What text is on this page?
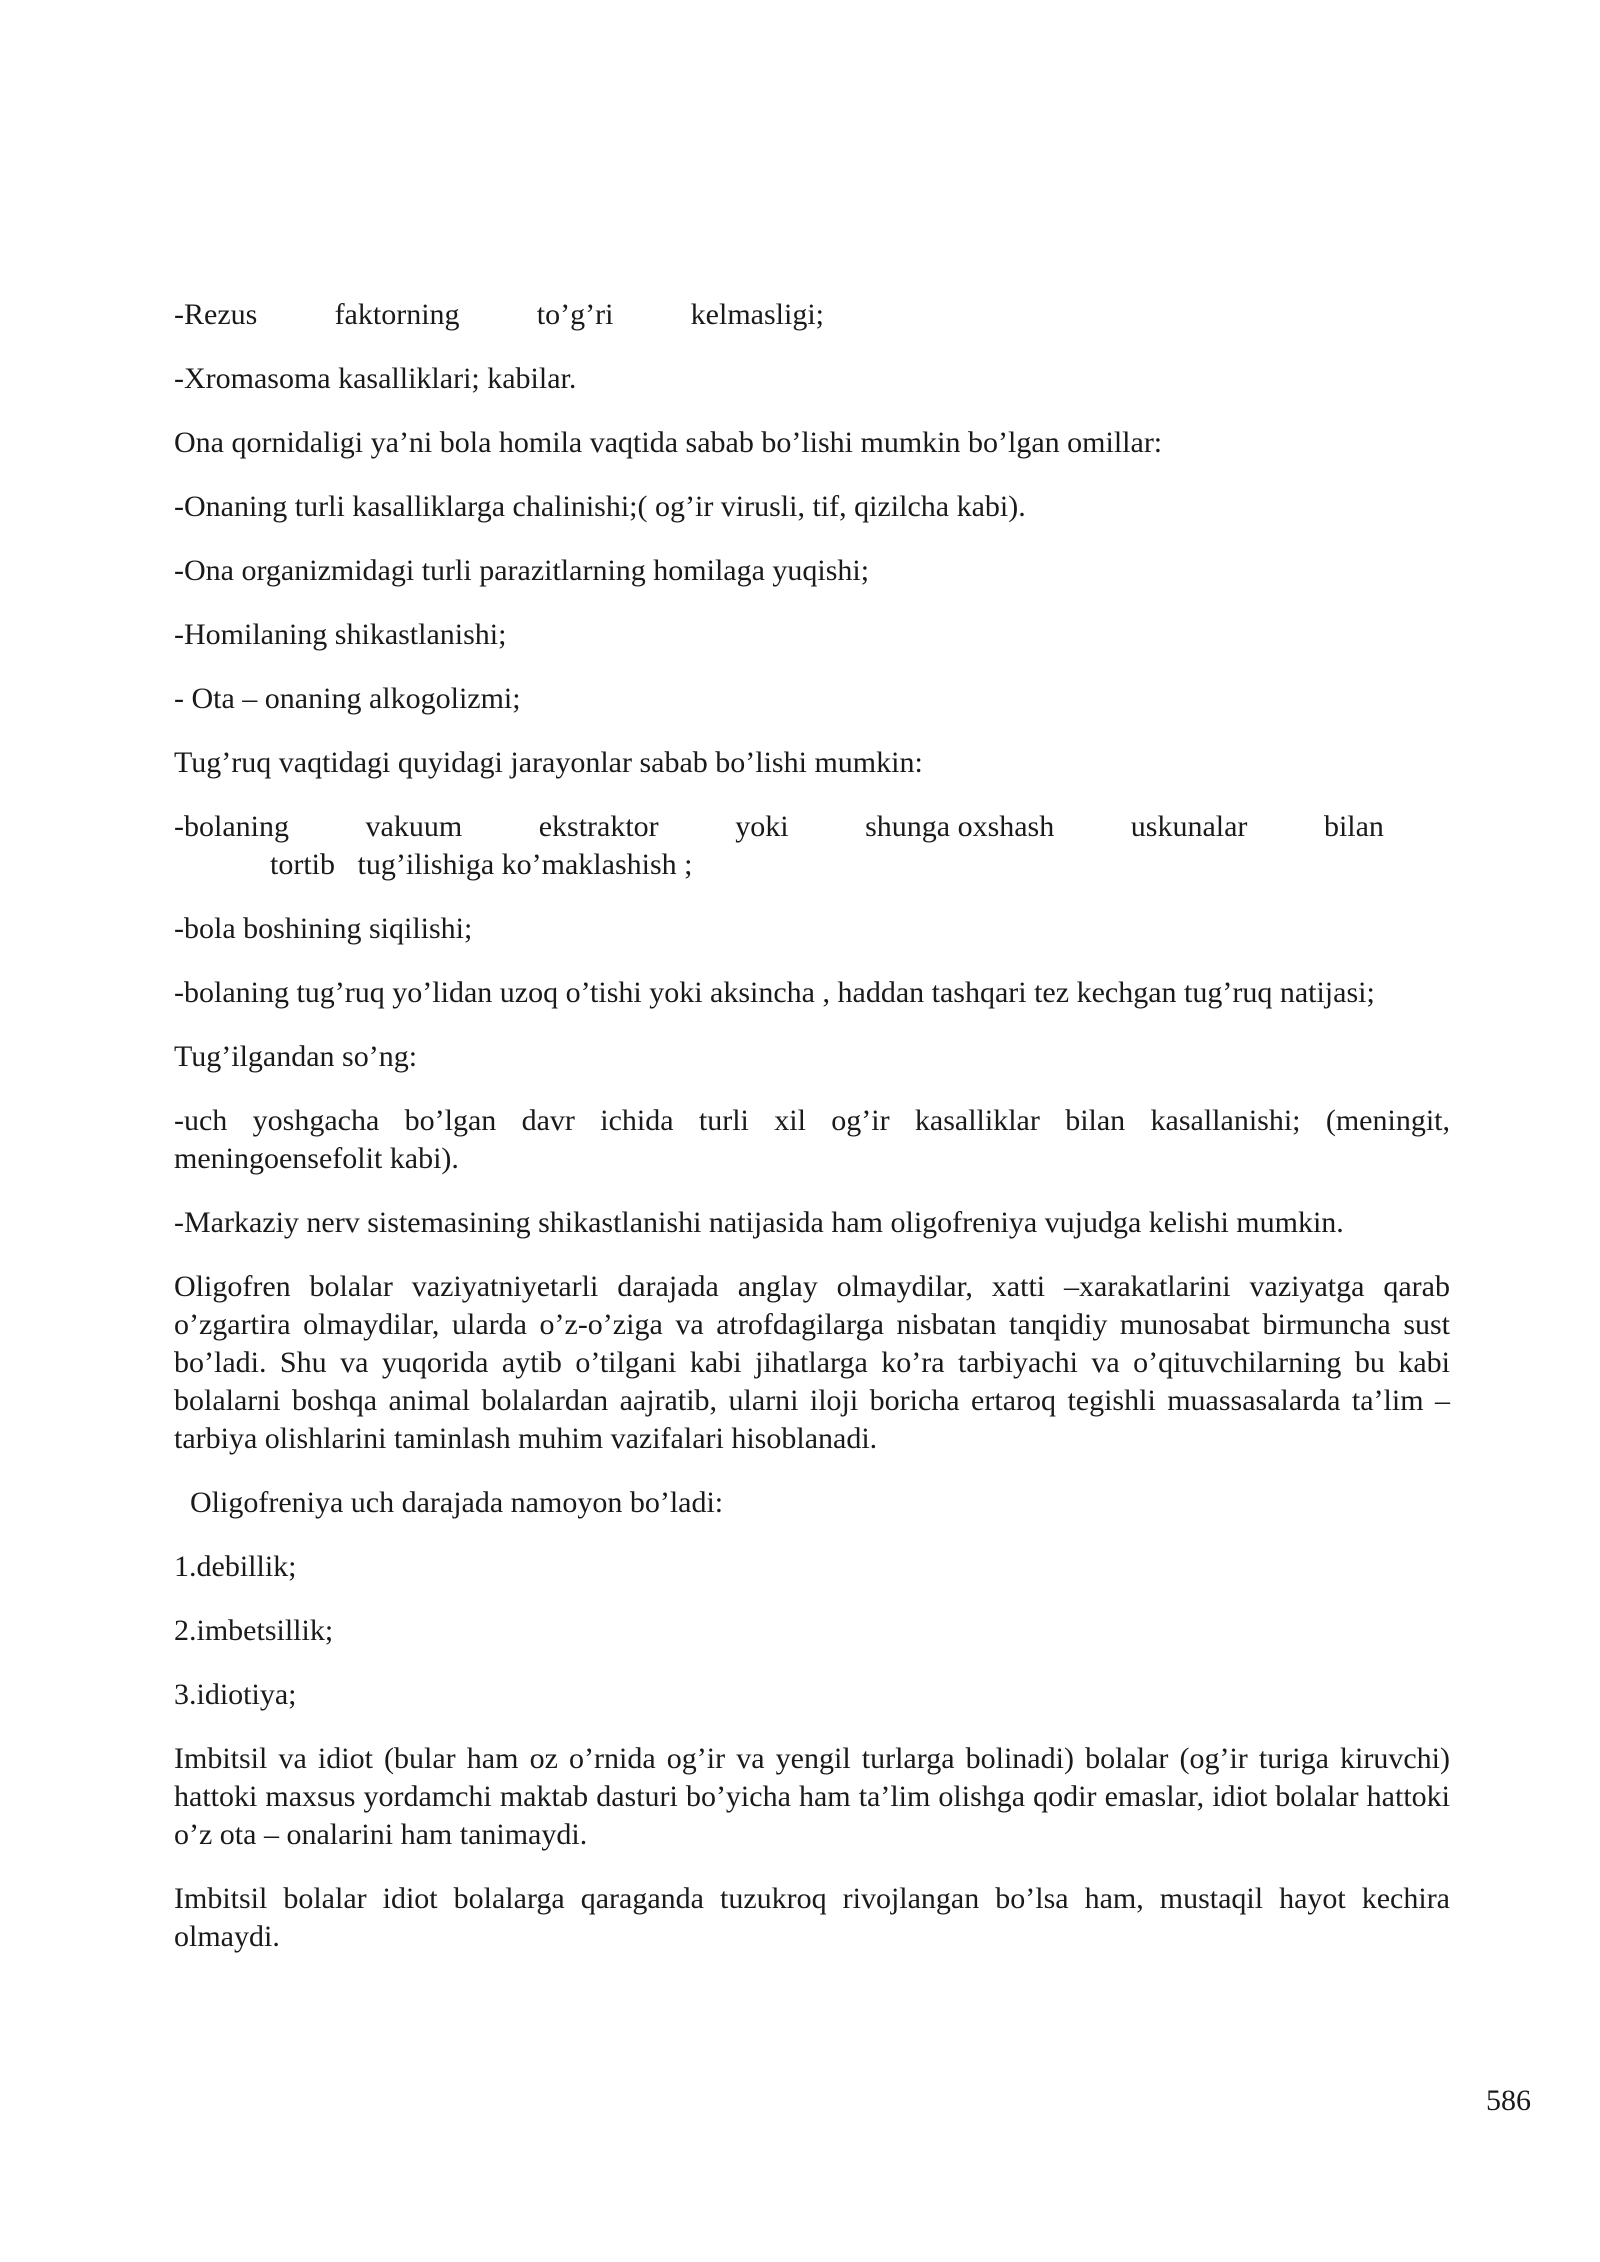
-Rezus	faktorning	to’g’ri	kelmasligi;

-Xromasoma kasalliklari; kabilar.

Ona qornidaligi ya’ni bola homila vaqtida sabab bo’lishi mumkin bo’lgan omillar:

-Onaning turli kasalliklarga chalinishi;( og’ir virusli, tif, qizilcha kabi).

-Ona organizmidagi turli parazitlarning homilaga yuqishi;

-Homilaning shikastlanishi;

- Ota – onaning alkogolizmi;

Tug’ruq vaqtidagi quyidagi jarayonlar sabab bo’lishi mumkin:

-bolaning	vakuum	ekstraktor	yoki	shunga oxshash	uskunalar	bilan
tortib   tug’ilishiga ko’maklashish ;

-bola boshining siqilishi;

-bolaning tug’ruq yo’lidan uzoq o’tishi yoki aksincha , haddan tashqari tez kechgan tug’ruq natijasi;

Tug’ilgandan so’ng:

-uch yoshgacha bo’lgan davr ichida turli xil og’ir kasalliklar bilan kasallanishi; (meningit, meningoensefolit kabi).

-Markaziy nerv sistemasining shikastlanishi natijasida ham oligofreniya vujudga kelishi mumkin.

Oligofren bolalar vaziyatniyetarli darajada anglay olmaydilar, xatti –xarakatlarini vaziyatga qarab o’zgartira olmaydilar, ularda o’z-o’ziga va atrofdagilarga nisbatan tanqidiy munosabat birmuncha sust bo’ladi. Shu va yuqorida aytib o’tilgani kabi jihatlarga ko’ra tarbiyachi va o’qituvchilarning bu kabi bolalarni boshqa animal bolalardan aajratib, ularni iloji boricha ertaroq tegishli muassasalarda ta’lim – tarbiya olishlarini taminlash muhim vazifalari hisoblanadi.

Oligofreniya uch darajada namoyon bo’ladi:

1.debillik;

2.imbetsillik;

3.idiotiya;

Imbitsil va idiot (bular ham oz o’rnida og’ir va yengil turlarga bolinadi) bolalar (og’ir turiga kiruvchi) hattoki maxsus yordamchi maktab dasturi bo’yicha ham ta’lim olishga qodir emaslar, idiot bolalar hattoki o’z ota – onalarini ham tanimaydi.

Imbitsil bolalar idiot bolalarga qaraganda tuzukroq rivojlangan bo’lsa ham, mustaqil hayot kechira olmaydi.

586
